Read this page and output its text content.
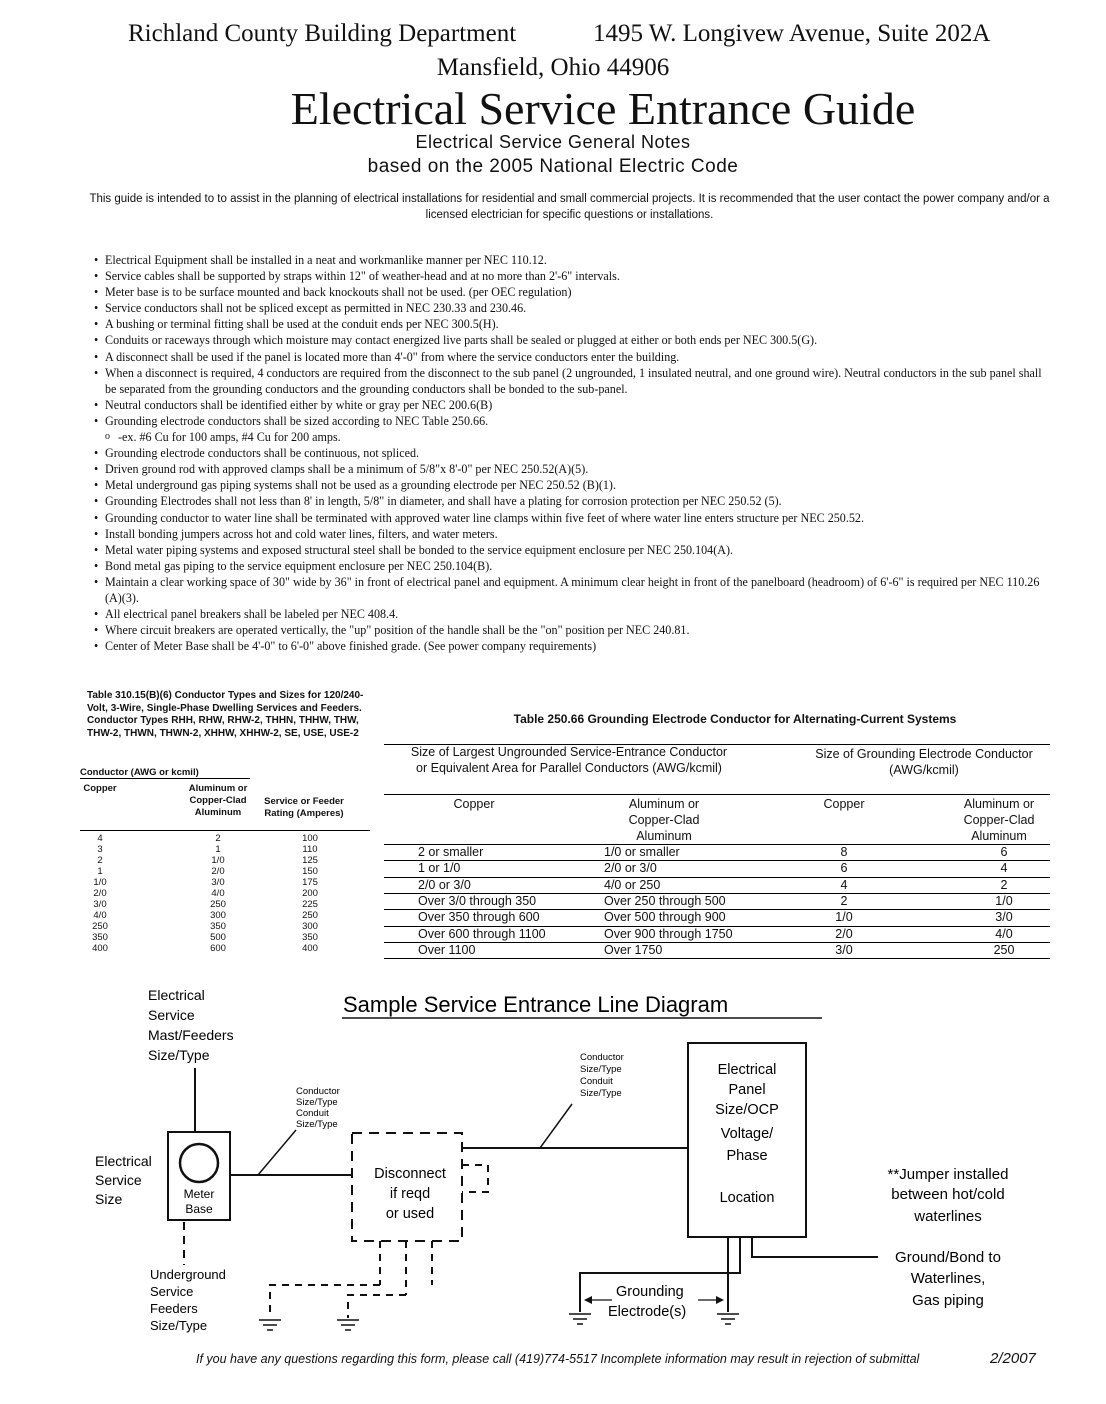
Richland County Building Department	1495 W. Longivew Avenue, Suite 202A
Mansfield, Ohio 44906
Electrical Service Entrance Guide
Electrical Service General Notes
based on the 2005 National Electric Code
This guide is intended to to assist in the planning of electrical installations for residential and small commercial projects. It is recommended that the user contact the power company and/or a licensed electrician for specific questions or installations.
• Electrical Equipment shall be installed in a neat and workmanlike manner per NEC 110.12.
• Service cables shall be supported by straps within 12" of weather-head and at no more than 2'-6" intervals.
• Meter base is to be surface mounted and back knockouts shall not be used. (per OEC regulation)
• Service conductors shall not be spliced except as permitted in NEC 230.33 and 230.46.
• A bushing or terminal fitting shall be used at the conduit ends per NEC 300.5(H).
• Conduits or raceways through which moisture may contact energized live parts shall be sealed or plugged at either or both ends per NEC 300.5(G).
• A disconnect shall be used if the panel is located more than 4'-0" from where the service conductors enter the building.
• When a disconnect is required, 4 conductors are required from the disconnect to the sub panel (2 ungrounded, 1 insulated neutral, and one ground wire). Neutral conductors in the sub panel shall be separated from the grounding conductors and the grounding conductors shall be bonded to the sub-panel.
• Neutral conductors shall be identified either by white or gray per NEC 200.6(B)
• Grounding electrode conductors shall be sized according to NEC Table 250.66.
o -ex. #6 Cu for 100 amps, #4 Cu for 200 amps.
• Grounding electrode conductors shall be continuous, not spliced.
• Driven ground rod with approved clamps shall be a minimum of 5/8"x 8'-0" per NEC 250.52(A)(5).
• Metal underground gas piping systems shall not be used as a grounding electrode per NEC 250.52 (B)(1).
• Grounding Electrodes shall not less than 8' in length, 5/8" in diameter, and shall have a plating for corrosion protection per NEC 250.52 (5).
• Grounding conductor to water line shall be terminated with approved water line clamps within five feet of where water line enters structure per NEC 250.52.
• Install bonding jumpers across hot and cold water lines, filters, and water meters.
• Metal water piping systems and exposed structural steel shall be bonded to the service equipment enclosure per NEC 250.104(A).
• Bond metal gas piping to the service equipment enclosure per NEC 250.104(B).
• Maintain a clear working space of 30" wide by 36" in front of electrical panel and equipment. A minimum clear height in front of the panelboard (headroom) of 6'-6" is required per NEC 110.26 (A)(3).
• All electrical panel breakers shall be labeled per NEC 408.4.
• Where circuit breakers are operated vertically, the "up" position of the handle shall be the "on" position per NEC 240.81.
• Center of Meter Base shall be 4'-0" to 6'-0" above finished grade. (See power company requirements)
Table 310.15(B)(6) Conductor Types and Sizes for 120/240-Volt, 3-Wire, Single-Phase Dwelling Services and Feeders. Conductor Types RHH, RHW, RHW-2, THHN, THHW, THW, THW-2, THWN, THWN-2, XHHW, XHHW-2, SE, USE, USE-2
Conductor (AWG or kcmil)
Copper	Aluminum or Copper-Clad Aluminum
Service or Feeder Rating (Amperes)
4	2	100
3	1	110
2	1/0	125
1	2/0	150
1/0	3/0	175
2/0	4/0	200
3/0	250	225
4/0	300	250
250	350	300
350	500	350
400	600	400
Table 250.66 Grounding Electrode Conductor for Alternating-Current Systems
Size of Largest Ungrounded Service-Entrance Conductor or Equivalent Area for Parallel Conductors (AWG/kcmil)
Size of Grounding Electrode Conductor (AWG/kcmil)
Copper	Aluminum or Copper-Clad Aluminum
Copper	Aluminum or Copper-Clad Aluminum
2 or smaller	1/0 or smaller	8	6
1 or 1/0	2/0 or 3/0	6	4
2/0 or 3/0	4/0 or 250	4	2
Over 3/0 through 350	Over 250 through 500	2	1/0
Over 350 through 600	Over 500 through 900	1/0	3/0
Over 600 through 1100	Over 900 through 1750	2/0	4/0
Over 1100	Over 1750	3/0	250
Sample Service Entrance Line Diagram
Electrical
Service
Mast/Feeders
Size/Type
Meter
Base
Electrical
Service
Size
Underground
Service
Feeders
Size/Type
Conductor
Size/Type
Conduit
Size/Type
Disconnect
if reqd
or used
Conductor
Size/Type
Conduit
Size/Type
Electrical
Panel
Size/OCP
Voltage/
Phase
Location
Grounding
Electrode(s)
**Jumper installed
between hot/cold
waterlines
Ground/Bond to
Waterlines,
Gas piping
If you have any questions regarding this form, please call (419)774-5517 Incomplete information may result in rejection of submittal	2/2007
